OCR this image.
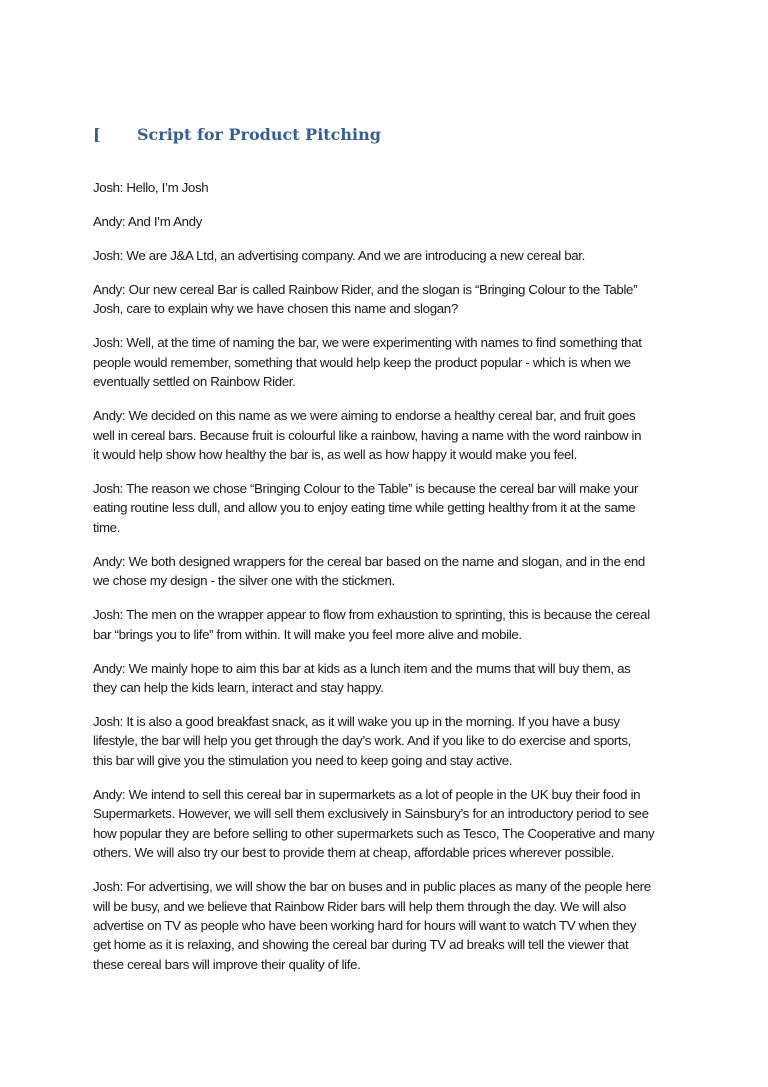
[ Script for Product Pitching

Josh: Hello, I’m Josh

Andy: And I’m Andy

Josh: We are J&A Ltd, an advertising company. And we are introducing a new cereal bar.

Andy: Our new cereal Bar is called Rainbow Rider, and the slogan is “Bringing Colour to the Table”
Josh, care to explain why we have chosen this name and slogan?

Josh: Well, at the time of naming the bar, we were experimenting with names to find something that
people would remember, something that would help keep the product popular - which is when we
eventually settled on Rainbow Rider.

Andy: We decided on this name as we were aiming to endorse a healthy cereal bar, and fruit goes
well in cereal bars. Because fruit is colourful like a rainbow, having a name with the word rainbow in
it would help show how healthy the bar is, as well as how happy it would make you feel.

Josh: The reason we chose “Bringing Colour to the Table” is because the cereal bar will make your
eating routine less dull, and allow you to enjoy eating time while getting healthy from it at the same
time.

Andy: We both designed wrappers for the cereal bar based on the name and slogan, and in the end
we chose my design - the silver one with the stickmen.

Josh: The men on the wrapper appear to flow from exhaustion to sprinting, this is because the cereal
bar “brings you to life” from within. It will make you feel more alive and mobile.

Andy: We mainly hope to aim this bar at kids as a lunch item and the mums that will buy them, as
they can help the kids learn, interact and stay happy.

Josh: It is also a good breakfast snack, as it will wake you up in the morning. If you have a busy
lifestyle, the bar will help you get through the day’s work. And if you like to do exercise and sports,
this bar will give you the stimulation you need to keep going and stay active.

Andy: We intend to sell this cereal bar in supermarkets as a lot of people in the UK buy their food in
Supermarkets. However, we will sell them exclusively in Sainsbury’s for an introductory period to see
how popular they are before selling to other supermarkets such as Tesco, The Cooperative and many
others. We will also try our best to provide them at cheap, affordable prices wherever possible.

Josh: For advertising, we will show the bar on buses and in public places as many of the people here
will be busy, and we believe that Rainbow Rider bars will help them through the day. We will also
advertise on TV as people who have been working hard for hours will want to watch TV when they
get home as it is relaxing, and showing the cereal bar during TV ad breaks will tell the viewer that
these cereal bars will improve their quality of life.
